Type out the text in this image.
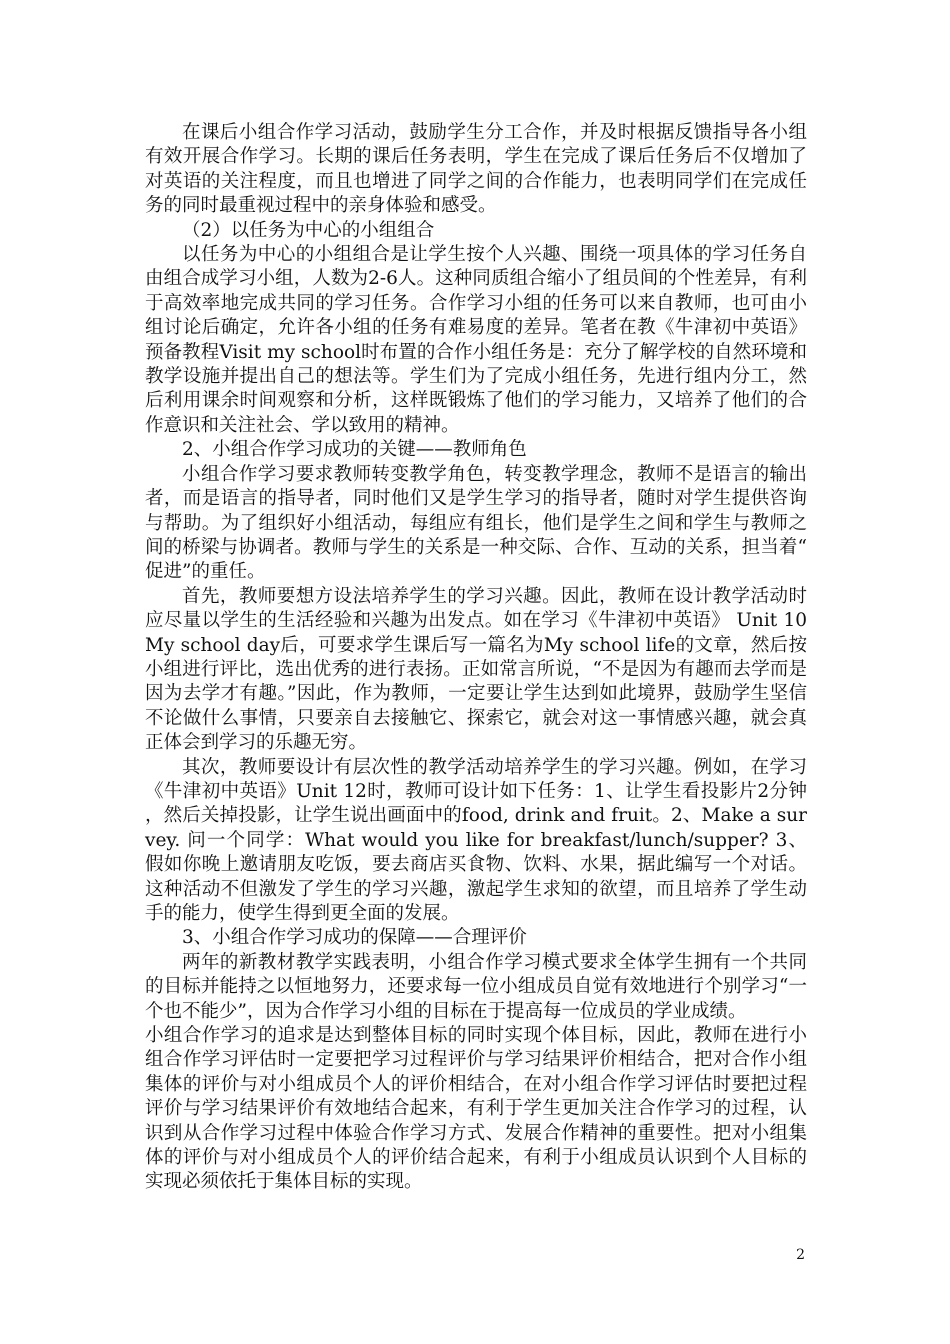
在课后小组合作学习活动，鼓励学生分工合作，并及时根据反馈指导各小组有效开展合作学习。长期的课后任务表明，学生在完成了课后任务后不仅增加了对英语的关注程度，而且也增进了同学之间的合作能力，也表明同学们在完成任务的同时最重视过程中的亲身体验和感受。

（2）以任务为中心的小组组合

以任务为中心的小组组合是让学生按个人兴趣、围绕一项具体的学习任务自由组合成学习小组，人数为2-6人。这种同质组合缩小了组员间的个性差异，有利于高效率地完成共同的学习任务。合作学习小组的任务可以来自教师，也可由小组讨论后确定，允许各小组的任务有难易度的差异。笔者在教《牛津初中英语》预备教程Visit my school时布置的合作小组任务是：充分了解学校的自然环境和教学设施并提出自己的想法等。学生们为了完成小组任务，先进行组内分工，然后利用课余时间观察和分析，这样既锻炼了他们的学习能力，又培养了他们的合作意识和关注社会、学以致用的精神。

2、小组合作学习成功的关键——教师角色

小组合作学习要求教师转变教学角色，转变教学理念，教师不是语言的输出者，而是语言的指导者，同时他们又是学生学习的指导者，随时对学生提供咨询与帮助。为了组织好小组活动，每组应有组长，他们是学生之间和学生与教师之间的桥梁与协调者。教师与学生的关系是一种交际、合作、互动的关系，担当着“促进”的重任。

首先，教师要想方设法培养学生的学习兴趣。因此，教师在设计教学活动时应尽量以学生的生活经验和兴趣为出发点。如在学习《牛津初中英语》 Unit 10 My school day后，可要求学生课后写一篇名为My school life的文章，然后按小组进行评比，选出优秀的进行表扬。正如常言所说，“不是因为有趣而去学而是因为去学才有趣。”因此，作为教师，一定要让学生达到如此境界，鼓励学生坚信不论做什么事情，只要亲自去接触它、探索它，就会对这一事情感兴趣，就会真正体会到学习的乐趣无穷。

其次，教师要设计有层次性的教学活动培养学生的学习兴趣。例如，在学习《牛津初中英语》Unit 12时，教师可设计如下任务：1、让学生看投影片2分钟，然后关掉投影，让学生说出画面中的food, drink and fruit。2、Make a survey. 问一个同学：What would you like for breakfast/lunch/supper? 3、假如你晚上邀请朋友吃饭，要去商店买食物、饮料、水果，据此编写一个对话。这种活动不但激发了学生的学习兴趣，激起学生求知的欲望，而且培养了学生动手的能力，使学生得到更全面的发展。

3、小组合作学习成功的保障——合理评价

两年的新教材教学实践表明，小组合作学习模式要求全体学生拥有一个共同的目标并能持之以恒地努力，还要求每一位小组成员自觉有效地进行个别学习“一个也不能少”，因为合作学习小组的目标在于提高每一位成员的学业成绩。

小组合作学习的追求是达到整体目标的同时实现个体目标，因此，教师在进行小组合作学习评估时一定要把学习过程评价与学习结果评价相结合，把对合作小组集体的评价与对小组成员个人的评价相结合，在对小组合作学习评估时要把过程评价与学习结果评价有效地结合起来，有利于学生更加关注合作学习的过程，认识到从合作学习过程中体验合作学习方式、发展合作精神的重要性。把对小组集体的评价与对小组成员个人的评价结合起来，有利于小组成员认识到个人目标的实现必须依托于集体目标的实现。

2
